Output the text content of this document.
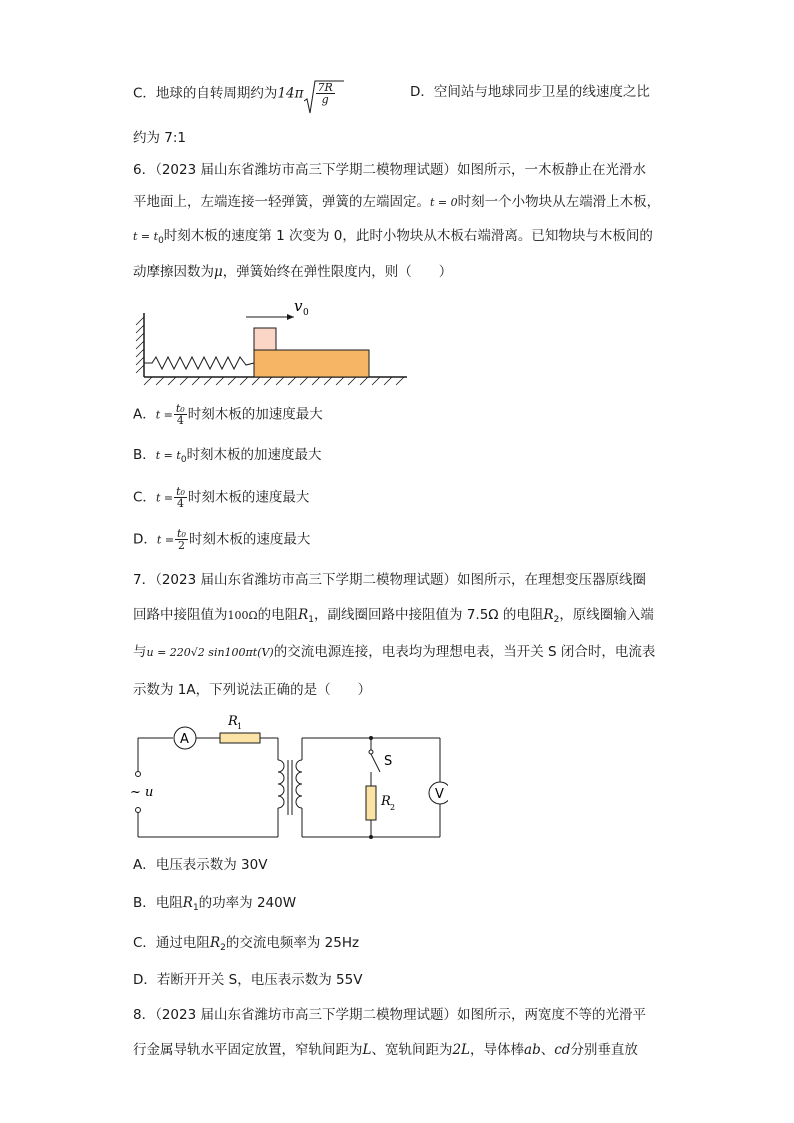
C．地球的自转周期约为$14\pi \frac{7R}{g}$	D．空间站与地球同步卫星的线速度之比
约为 7:1
6．（2023 届山东省潍坊市高三下学期二模物理试题）如图所示，一木板静止在光滑水
平地面上，左端连接一轻弹簧，弹簧的左端固定。t = 0时刻一个小物块从左端滑上木板，
$t = t_0$时刻木板的速度第 1 次变为 0，此时小物块从木板右端滑离。已知物块与木板间的
动摩擦因数为μ，弹簧始终在弹性限度内，则（　　）
v 0
A．$t = \frac{\text{t₀}}{4}$ 时刻木板的加速度最大
B．$t = t_0$时刻木板的加速度最大
C．$t = \frac{\text{t₀}}{4}$ 时刻木板的速度最大
D．$t = \frac{\text{t₀}}{2}$ 时刻木板的速度最大
7．（2023 届山东省潍坊市高三下学期二模物理试题）如图所示，在理想变压器原线圈
回路中接阻值为100Ω的电阻$R_1$，副线圈回路中接阻值为 7.5Ω 的电阻$R_2$，原线圈输入端
与u = 220√2 sin100πt(V)的交流电源连接，电表均为理想电表，当开关 S 闭合时，电流表
示数为 1A，下列说法正确的是（　　）
~ u
A
R 1
S
R 2
V
A．电压表示数为 30V
B．电阻$R_1$的功率为 240W
C．通过电阻$R_2$的交流电频率为 25Hz
D．若断开开关 S，电压表示数为 55V
8．（2023 届山东省潍坊市高三下学期二模物理试题）如图所示，两宽度不等的光滑平
行金属导轨水平固定放置，窄轨间距为L、宽轨间距为2L，导体棒ab、cd分别垂直放
